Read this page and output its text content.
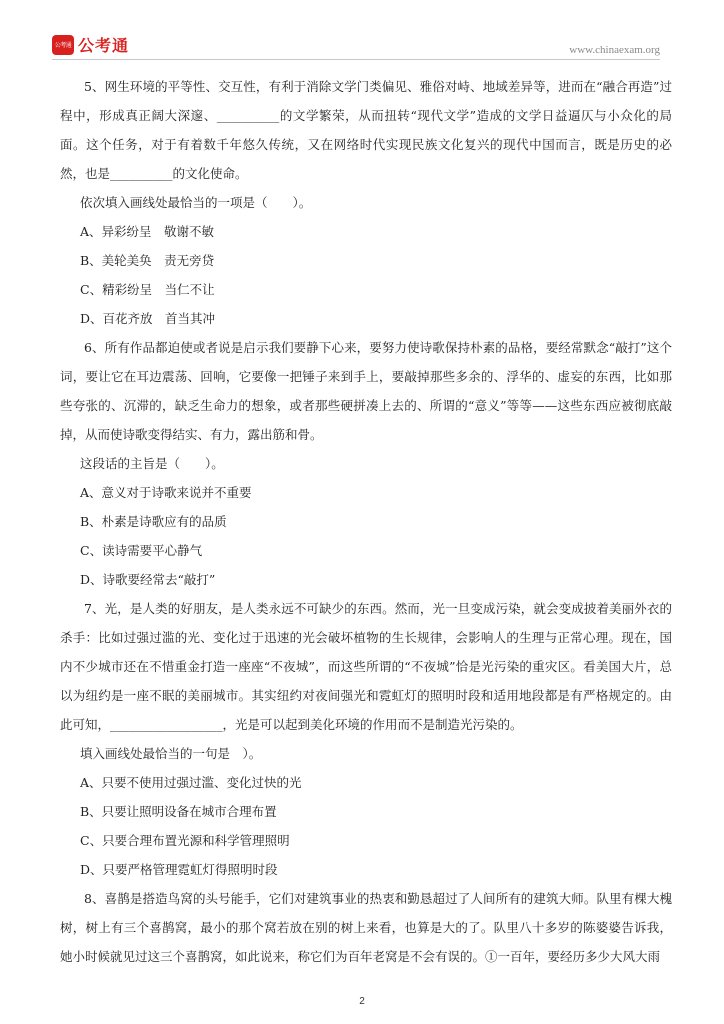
公考通 公考通	www.chinaexam.org

5、网生环境的平等性、交互性，有利于消除文学门类偏见、雅俗对峙、地域差异等，进而在“融合再造”过程中，形成真正阔大深邃、__________的文学繁荣，从而扭转“现代文学”造成的文学日益逼仄与小众化的局面。这个任务，对于有着数千年悠久传统，又在网络时代实现民族文化复兴的现代中国而言，既是历史的必然，也是__________的文化使命。

依次填入画线处最恰当的一项是（　　）。

A、异彩纷呈　敬谢不敏

B、美轮美奂　责无旁贷

C、精彩纷呈　当仁不让

D、百花齐放　首当其冲

6、所有作品都迫使或者说是启示我们要静下心来，要努力使诗歌保持朴素的品格，要经常默念“敲打”这个词，要让它在耳边震荡、回响，它要像一把锤子来到手上，要敲掉那些多余的、浮华的、虚妄的东西，比如那些夸张的、沉滞的，缺乏生命力的想象，或者那些硬拼凑上去的、所谓的“意义”等等——这些东西应被彻底敲掉，从而使诗歌变得结实、有力，露出筋和骨。

这段话的主旨是（　　）。

A、意义对于诗歌来说并不重要

B、朴素是诗歌应有的品质

C、读诗需要平心静气

D、诗歌要经常去“敲打”

7、光，是人类的好朋友，是人类永远不可缺少的东西。然而，光一旦变成污染，就会变成披着美丽外衣的杀手：比如过强过滥的光、变化过于迅速的光会破坏植物的生长规律，会影响人的生理与正常心理。现在，国内不少城市还在不惜重金打造一座座“不夜城”，而这些所谓的“不夜城”恰是光污染的重灾区。看美国大片，总以为纽约是一座不眠的美丽城市。其实纽约对夜间强光和霓虹灯的照明时段和适用地段都是有严格规定的。由此可知，__________________，光是可以起到美化环境的作用而不是制造光污染的。

填入画线处最恰当的一句是　）。

A、只要不使用过强过滥、变化过快的光

B、只要让照明设备在城市合理布置

C、只要合理布置光源和科学管理照明

D、只要严格管理霓虹灯得照明时段

8、喜鹊是搭造鸟窝的头号能手，它们对建筑事业的热衷和勤恳超过了人间所有的建筑大师。队里有棵大槐树，树上有三个喜鹊窝，最小的那个窝若放在别的树上来看，也算是大的了。队里八十多岁的陈婆婆告诉我，她小时候就见过这三个喜鹊窝，如此说来，称它们为百年老窝是不会有误的。①一百年，要经历多少大风大雨

2
